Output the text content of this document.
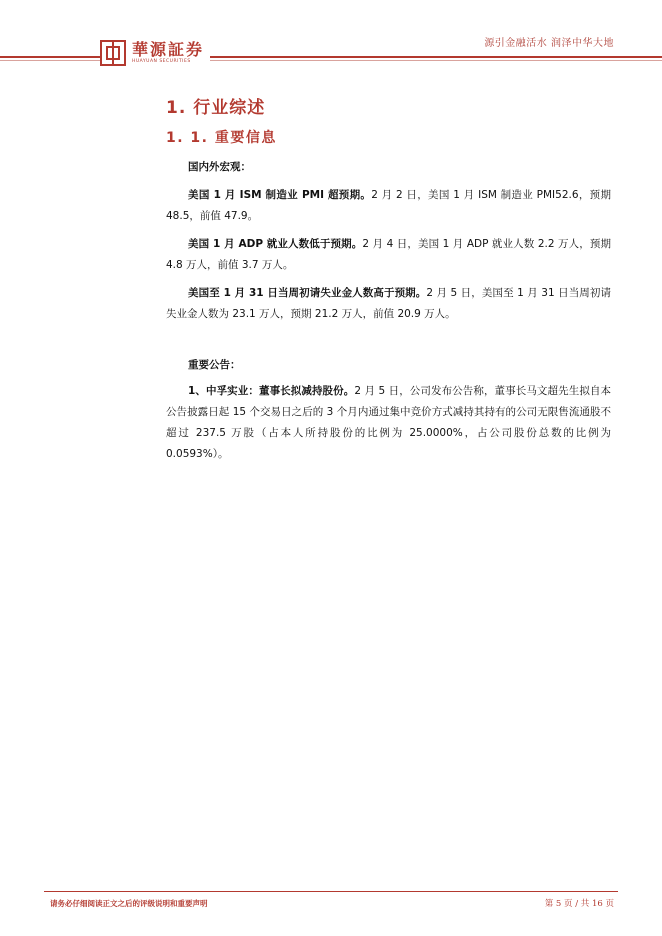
源引金融活水 润泽中华大地
華源証券
HUAYUAN SECURITIES
1. 行业综述
1. 1. 重要信息
国内外宏观：
美国 1 月 ISM 制造业 PMI 超预期。2 月 2 日，美国 1 月 ISM 制造业 PMI52.6，预期 48.5，前值 47.9。
美国 1 月 ADP 就业人数低于预期。2 月 4 日，美国 1 月 ADP 就业人数 2.2 万人，预期 4.8 万人，前值 3.7 万人。
美国至 1 月 31 日当周初请失业金人数高于预期。2 月 5 日，美国至 1 月 31 日当周初请失业金人数为 23.1 万人，预期 21.2 万人，前值 20.9 万人。
重要公告：
1、中孚实业：董事长拟减持股份。2 月 5 日，公司发布公告称，董事长马文超先生拟自本公告披露日起 15 个交易日之后的 3 个月内通过集中竞价方式减持其持有的公司无限售流通股不超过 237.5 万股（占本人所持股份的比例为 25.0000%，占公司股份总数的比例为 0.0593%）。
请务必仔细阅读正文之后的评级说明和重要声明	第 5 页 / 共 16 页
